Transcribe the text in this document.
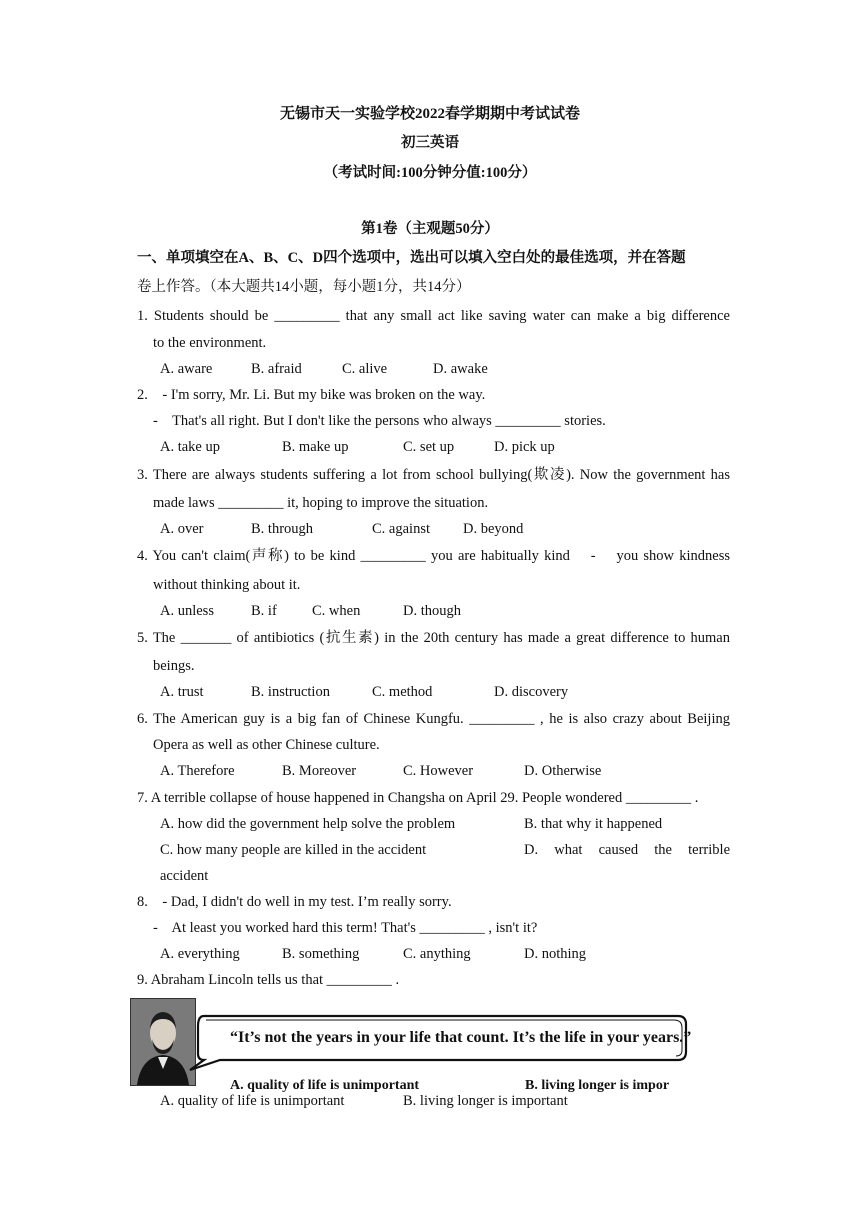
无锡市天一实验学校2022春学期期中考试试卷
初三英语
（考试时间:100分钟分值:100分）
第1卷（主观题50分）
一、单项填空在A、B、C、D四个选项中，选出可以填入空白处的最佳选项，并在答题
卷上作答。（本大题共14小题，每小题1分，共14分）
1. Students should be _________ that any small act like saving water can make a big difference
to the environment.
A. aware	B. afraid	C. alive	D. awake
2.    - I'm sorry, Mr. Li. But my bike was broken on the way.
-    That's all right. But I don't like the persons who always _________ stories.
A. take up	B. make up	C. set up	D. pick up
3. There are always students suffering a lot from school bullying(欺凌). Now the government has
made laws _________ it, hoping to improve the situation.
A. over	B. through	C. against D. beyond
4. You can't claim(声称) to be kind _________ you are habitually kind    -    you show kindness
without thinking about it.
A. unless	B. if C. when	D. though
5. The _______ of antibiotics (抗生素) in the 20th century has made a great difference to human
beings.
A. trust	B. instruction	C. method	D. discovery
6. The American guy is a big fan of Chinese Kungfu. _________ , he is also crazy about Beijing
Opera as well as other Chinese culture.
A. Therefore	B. Moreover	C. However	D. Otherwise
7. A terrible collapse of house happened in Changsha on April 29. People wondered _________ .
A. how did the government help solve the problem	B. that why it happened
C. how many people are killed in the accident	D. what caused the terrible
accident
8.    - Dad, I didn't do well in my test. I’m really sorry.
-    At least you worked hard this term! That's _________ , isn't it?
A. everything	B. something	C. anything	D. nothing
9. Abraham Lincoln tells us that _________ .
“It’s not the years in your life that count. It’s the life in your years.”
A. quality of life is unimportant	B. living longer is impor
A. quality of life is unimportant	B. living longer is important
